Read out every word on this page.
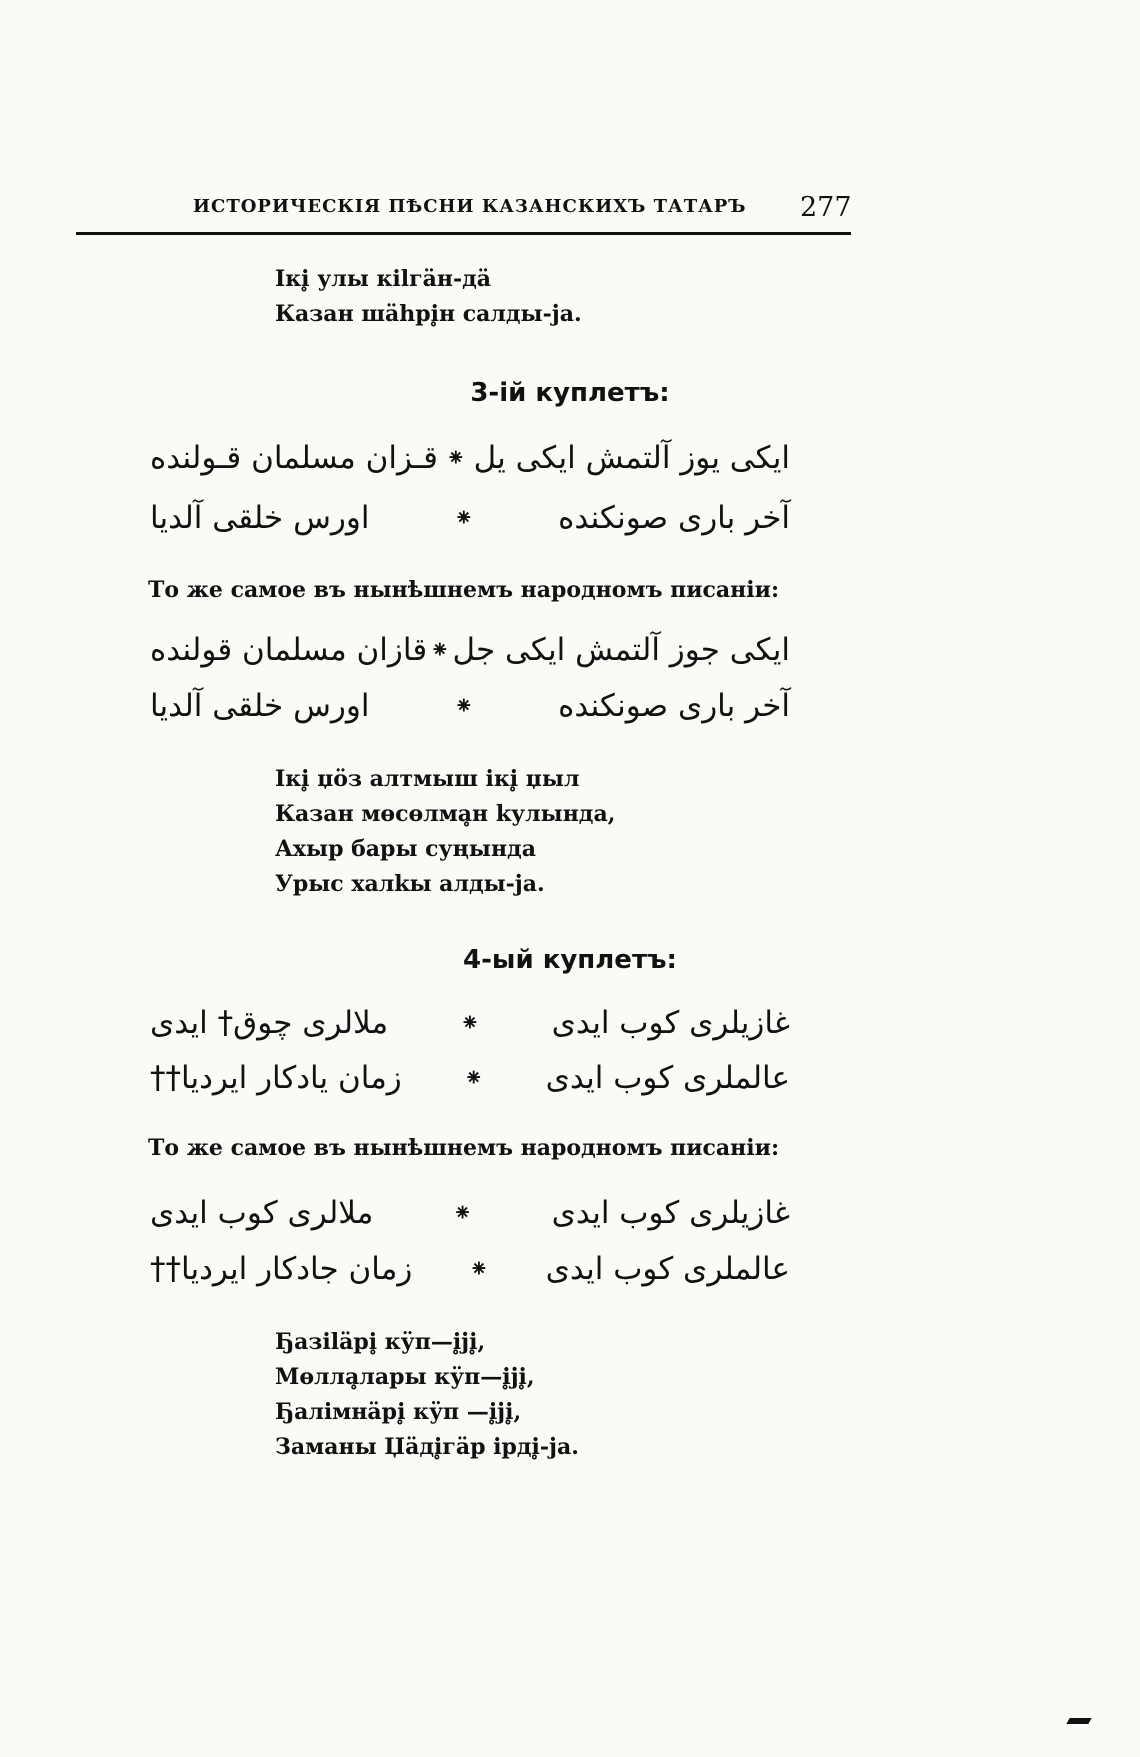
ИСТОРИЧЕСКІЯ ПѢСНИ КАЗАНСКИХЪ ТАТАРЪ 277
Ікі̥ улы кіlгӓн-дӓ
Казан шӓhрі̥н салды-ја.
3-iй куплетъ:
ایکی یوز آلتمش ایکی یل
⁕
قـزان مسلمان قـولنده
آخر باری صونکنده
⁕
اورس خلقی آلدیا
То же самое въ нынѣшнемъ народномъ писаніи:
ایکی جوز آلتمش ایکی جل
⁕
قازان مسلمان قولنده
آخر باری صونکنده
⁕
اورس خلقی آلدیا
Ікі̥ џӧз алтмыш ікі̥ џыл
Казан мөсөлма̥н kулында,
Ахыр бары суңында
Урыс халkы алды-ја.
4-ый куплетъ:
غازیلری کوب ایدی
⁕
ملالری چوق† ایدی
عالملری کوب ایدی
⁕
زمان یادکار ایردیا††
То же самое въ нынѣшнемъ народномъ писаніи:
غازیلری کوب ایدی
⁕
ملالری کوب ایدی
عالملری کوب ایدی
⁕
زمان جادکار ایردیا††
Ҕазiläpi̥ кӱп—і̥јі̥,
Мөлла̥лары кӱп—і̥јі̥,
Ҕалiмнäрі̥ кӱп —і̥јі̥,
Заманы Џäді̥гäр ірді̥-ја.
